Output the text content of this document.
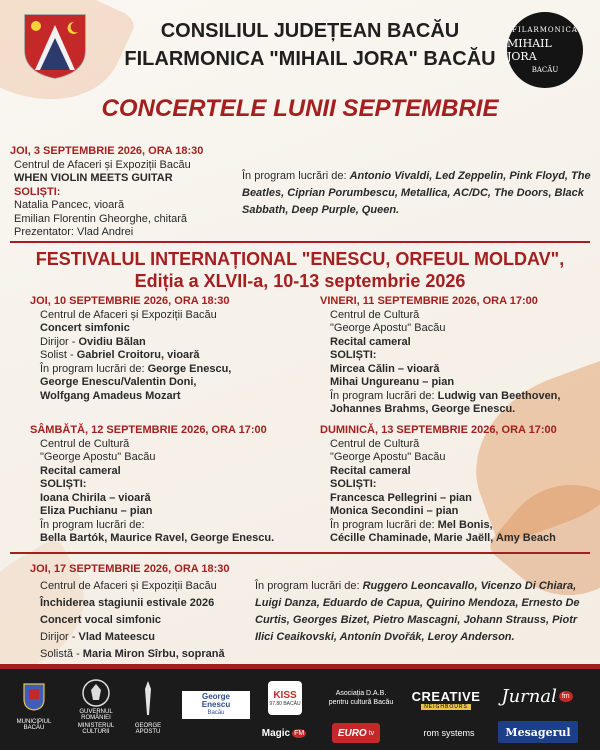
CONSILIUL JUDEȚEAN BACĂU
FILARMONICA "MIHAIL JORA" BACĂU
FILARMONICA
MIHAIL JORA
BACĂU
CONCERTELE LUNII SEPTEMBRIE
JOI, 3 SEPTEMBRIE 2026, ORA 18:30
Centrul de Afaceri și Expoziții Bacău
WHEN VIOLIN MEETS GUITAR
SOLIȘTI:
Natalia Pancec, vioară
Emilian Florentin Gheorghe, chitară
Prezentator: Vlad Andrei
În program lucrări de: Antonio Vivaldi, Led Zeppelin, Pink Floyd, The Beatles, Ciprian Porumbescu, Metallica, AC/DC, The Doors, Black Sabbath, Deep Purple, Queen.
FESTIVALUL INTERNAȚIONAL "ENESCU, ORFEUL MOLDAV",
Ediția a XLVII-a, 10-13 septembrie 2026
JOI, 10 SEPTEMBRIE 2026, ORA 18:30
Centrul de Afaceri și Expoziții Bacău
Concert simfonic
Dirijor - Ovidiu Bălan
Solist - Gabriel Croitoru, vioară
În program lucrări de: George Enescu,
George Enescu/Valentin Doni,
Wolfgang Amadeus Mozart
VINERI, 11 SEPTEMBRIE 2026, ORA 17:00
Centrul de Cultură
"George Apostu" Bacău
Recital cameral
SOLIȘTI:
Mircea Călin – vioară
Mihai Ungureanu – pian
În program lucrări de: Ludwig van Beethoven,
Johannes Brahms, George Enescu.
SÂMBĂTĂ, 12 SEPTEMBRIE 2026, ORA 17:00
Centrul de Cultură
"George Apostu" Bacău
Recital cameral
SOLIȘTI:
Ioana Chirila – vioară
Eliza Puchianu – pian
În program lucrări de:
Bella Bartók, Maurice Ravel, George Enescu.
DUMINICĂ, 13 SEPTEMBRIE 2026, ORA 17:00
Centrul de Cultură
"George Apostu" Bacău
Recital cameral
SOLIȘTI:
Francesca Pellegrini – pian
Monica Secondini – pian
În program lucrări de: Mel Bonis,
Cécille Chaminade, Marie Jaëll, Amy Beach
JOI, 17 SEPTEMBRIE 2026, ORA 18:30
Centrul de Afaceri și Expoziții Bacău
Închiderea stagiunii estivale 2026
Concert vocal simfonic
Dirijor - Vlad Mateescu
Solistă - Maria Miron Sîrbu, soprană
În program lucrări de: Ruggero Leoncavallo, Vicenzo Di Chiara, Luigi Danza, Eduardo de Capua, Quirino Mendoza, Ernesto De Curtis, Georges Bizet, Pietro Mascagni, Johann Strauss, Piotr Ilici Ceaikovski, Antonín Dvořák, Leroy Anderson.
MUNICIPIUL BACĂU
GUVERNUL ROMÂNIEI
MINISTERUL CULTURII
GEORGE APOSTU
George
Enescu
Bacău
KISS
97.80 BACĂU
Asociația D.A.B. pentru cultură Bacău CREATIVE
NEIGHBOURS Jurnal fm
Magic FM	EURO tv	rom systems	Mesagerul
